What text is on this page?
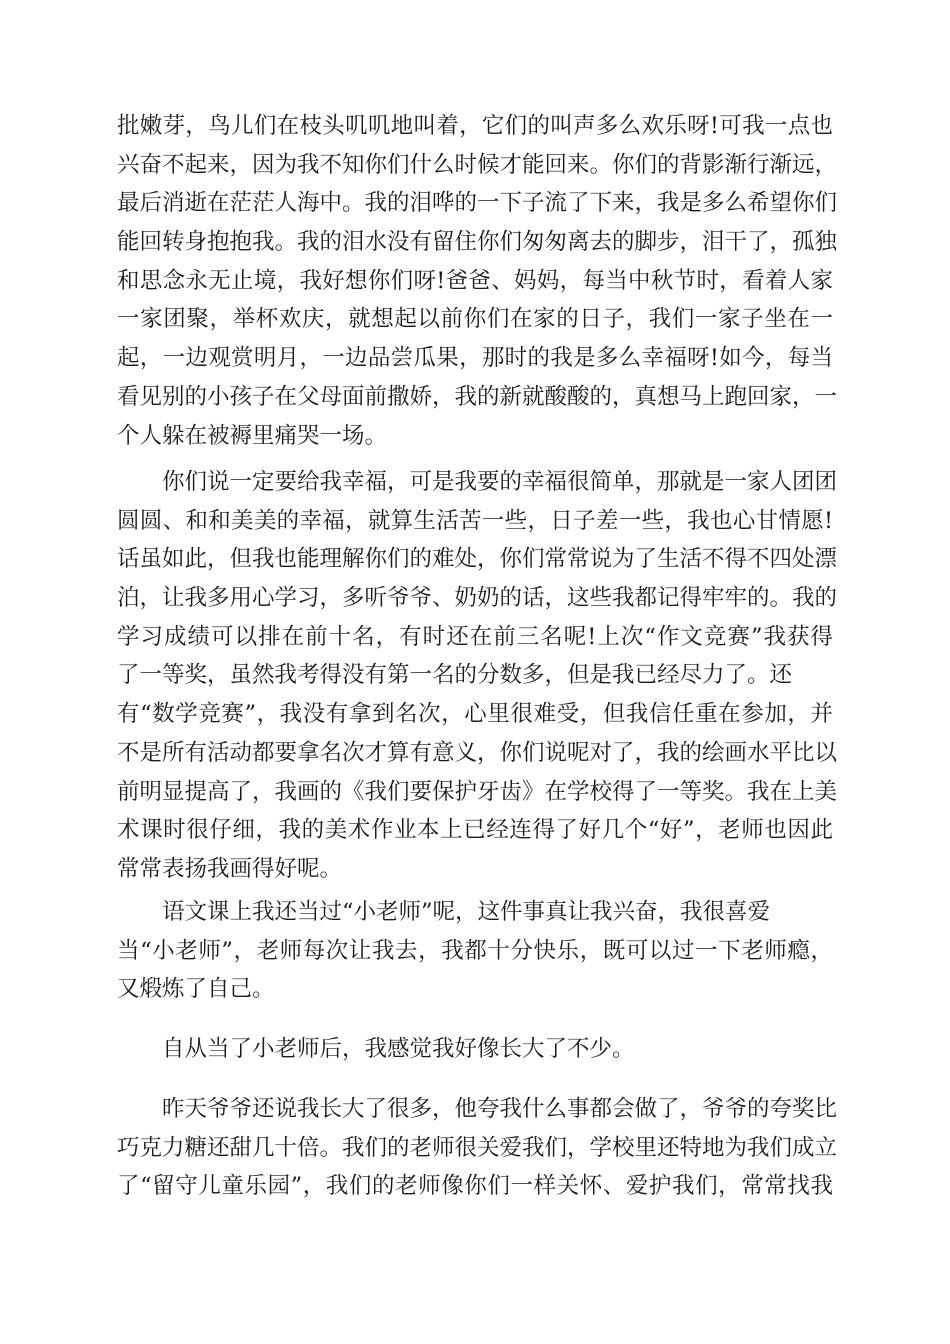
批嫩芽，鸟儿们在枝头叽叽地叫着，它们的叫声多么欢乐呀!可我一点也
兴奋不起来，因为我不知你们什么时候才能回来。你们的背影渐行渐远，
最后消逝在茫茫人海中。我的泪哗的一下子流了下来，我是多么希望你们
能回转身抱抱我。我的泪水没有留住你们匆匆离去的脚步，泪干了，孤独
和思念永无止境，我好想你们呀!爸爸、妈妈，每当中秋节时，看着人家
一家团聚，举杯欢庆，就想起以前你们在家的日子，我们一家子坐在一
起，一边观赏明月，一边品尝瓜果，那时的我是多么幸福呀!如今，每当
看见别的小孩子在父母面前撒娇，我的新就酸酸的，真想马上跑回家，一
个人躲在被褥里痛哭一场。
你们说一定要给我幸福，可是我要的幸福很简单，那就是一家人团团
圆圆、和和美美的幸福，就算生活苦一些，日子差一些，我也心甘情愿!
话虽如此，但我也能理解你们的难处，你们常常说为了生活不得不四处漂
泊，让我多用心学习，多听爷爷、奶奶的话，这些我都记得牢牢的。我的
学习成绩可以排在前十名，有时还在前三名呢!上次“作文竞赛”我获得
了一等奖，虽然我考得没有第一名的分数多，但是我已经尽力了。还
有“数学竞赛”，我没有拿到名次，心里很难受，但我信任重在参加，并
不是所有活动都要拿名次才算有意义，你们说呢对了，我的绘画水平比以
前明显提高了，我画的《我们要保护牙齿》在学校得了一等奖。我在上美
术课时很仔细，我的美术作业本上已经连得了好几个“好”，老师也因此
常常表扬我画得好呢。
语文课上我还当过“小老师”呢，这件事真让我兴奋，我很喜爱
当“小老师”，老师每次让我去，我都十分快乐，既可以过一下老师瘾，
又煅炼了自己。
自从当了小老师后，我感觉我好像长大了不少。
昨天爷爷还说我长大了很多，他夸我什么事都会做了，爷爷的夸奖比
巧克力糖还甜几十倍。我们的老师很关爱我们，学校里还特地为我们成立
了“留守儿童乐园”，我们的老师像你们一样关怀、爱护我们，常常找我
